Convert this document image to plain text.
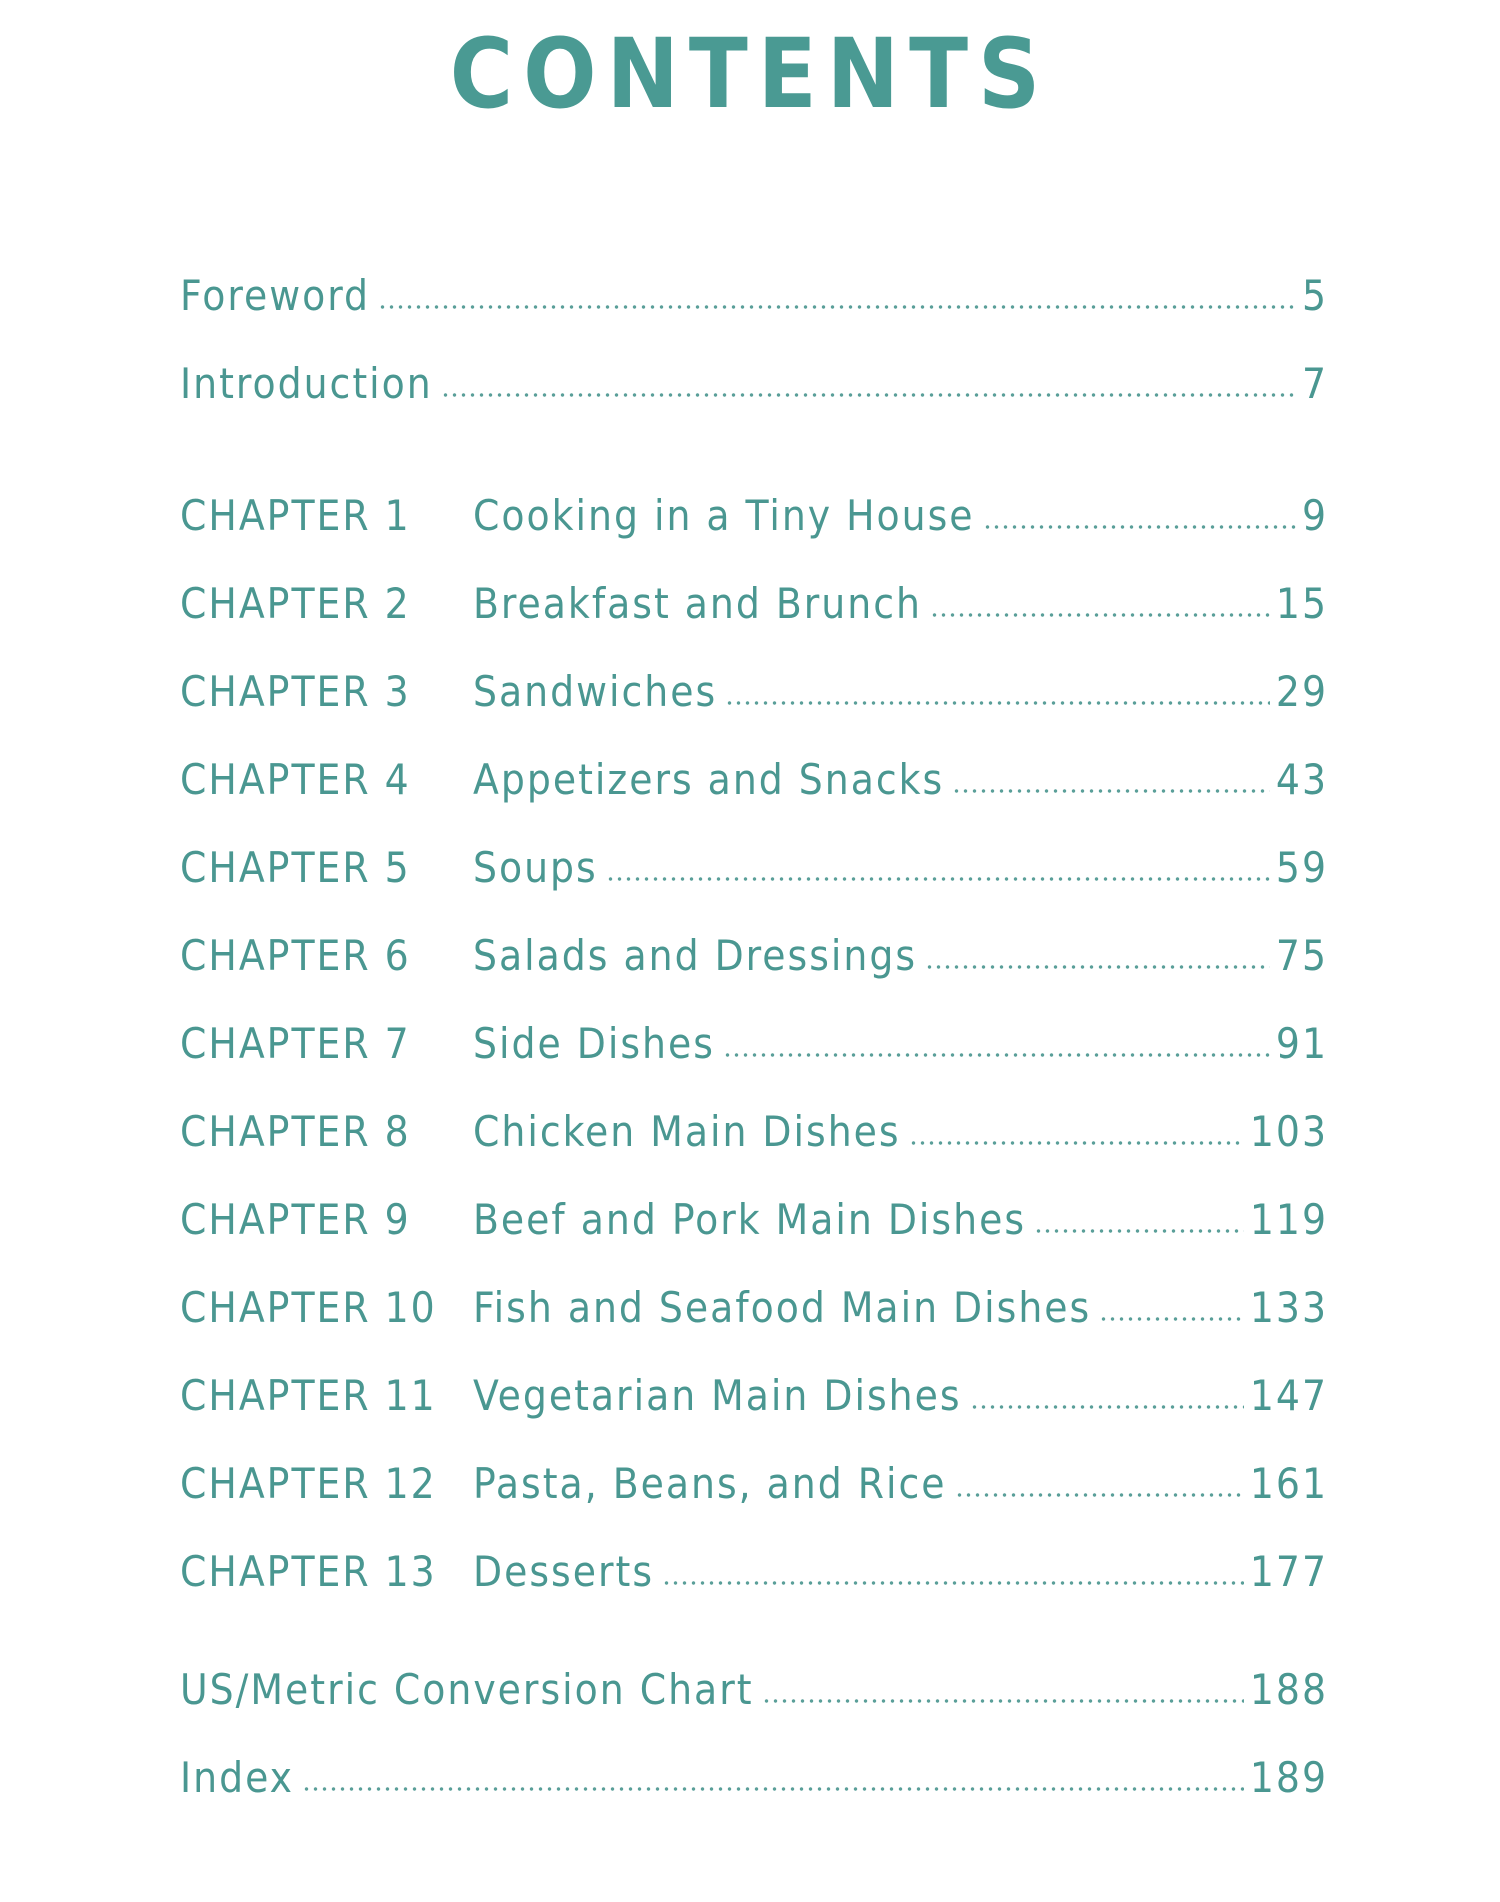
CONTENTS
Foreword	5
Introduction	7
CHAPTER 1	Cooking in a Tiny House	9
CHAPTER 2	Breakfast and Brunch	15
CHAPTER 3	Sandwiches	29
CHAPTER 4	Appetizers and Snacks	43
CHAPTER 5	Soups	59
CHAPTER 6	Salads and Dressings	75
CHAPTER 7	Side Dishes	91
CHAPTER 8	Chicken Main Dishes	103
CHAPTER 9	Beef and Pork Main Dishes	119
CHAPTER 10 Fish and Seafood Main Dishes	133
CHAPTER 11 Vegetarian Main Dishes	147
CHAPTER 12 Pasta, Beans, and Rice	161
CHAPTER 13 Desserts	177
US/Metric Conversion Chart	188
Index	189
